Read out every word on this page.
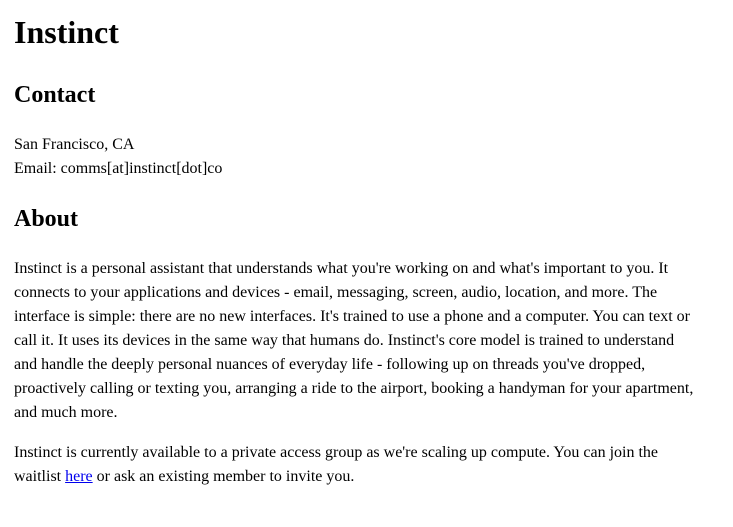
Instinct
Contact
San Francisco, CA
Email: comms[at]instinct[dot]co
About

Instinct is a personal assistant that understands what you're working on and what's important to you. It connects to your applications and devices - email, messaging, screen, audio, location, and more. The interface is simple: there are no new interfaces. It's trained to use a phone and a computer. You can text or call it. It uses its devices in the same way that humans do. Instinct's core model is trained to understand and handle the deeply personal nuances of everyday life - following up on threads you've dropped, proactively calling or texting you, arranging a ride to the airport, booking a handyman for your apartment, and much more.

Instinct is currently available to a private access group as we're scaling up compute. You can join the waitlist here or ask an existing member to invite you.
